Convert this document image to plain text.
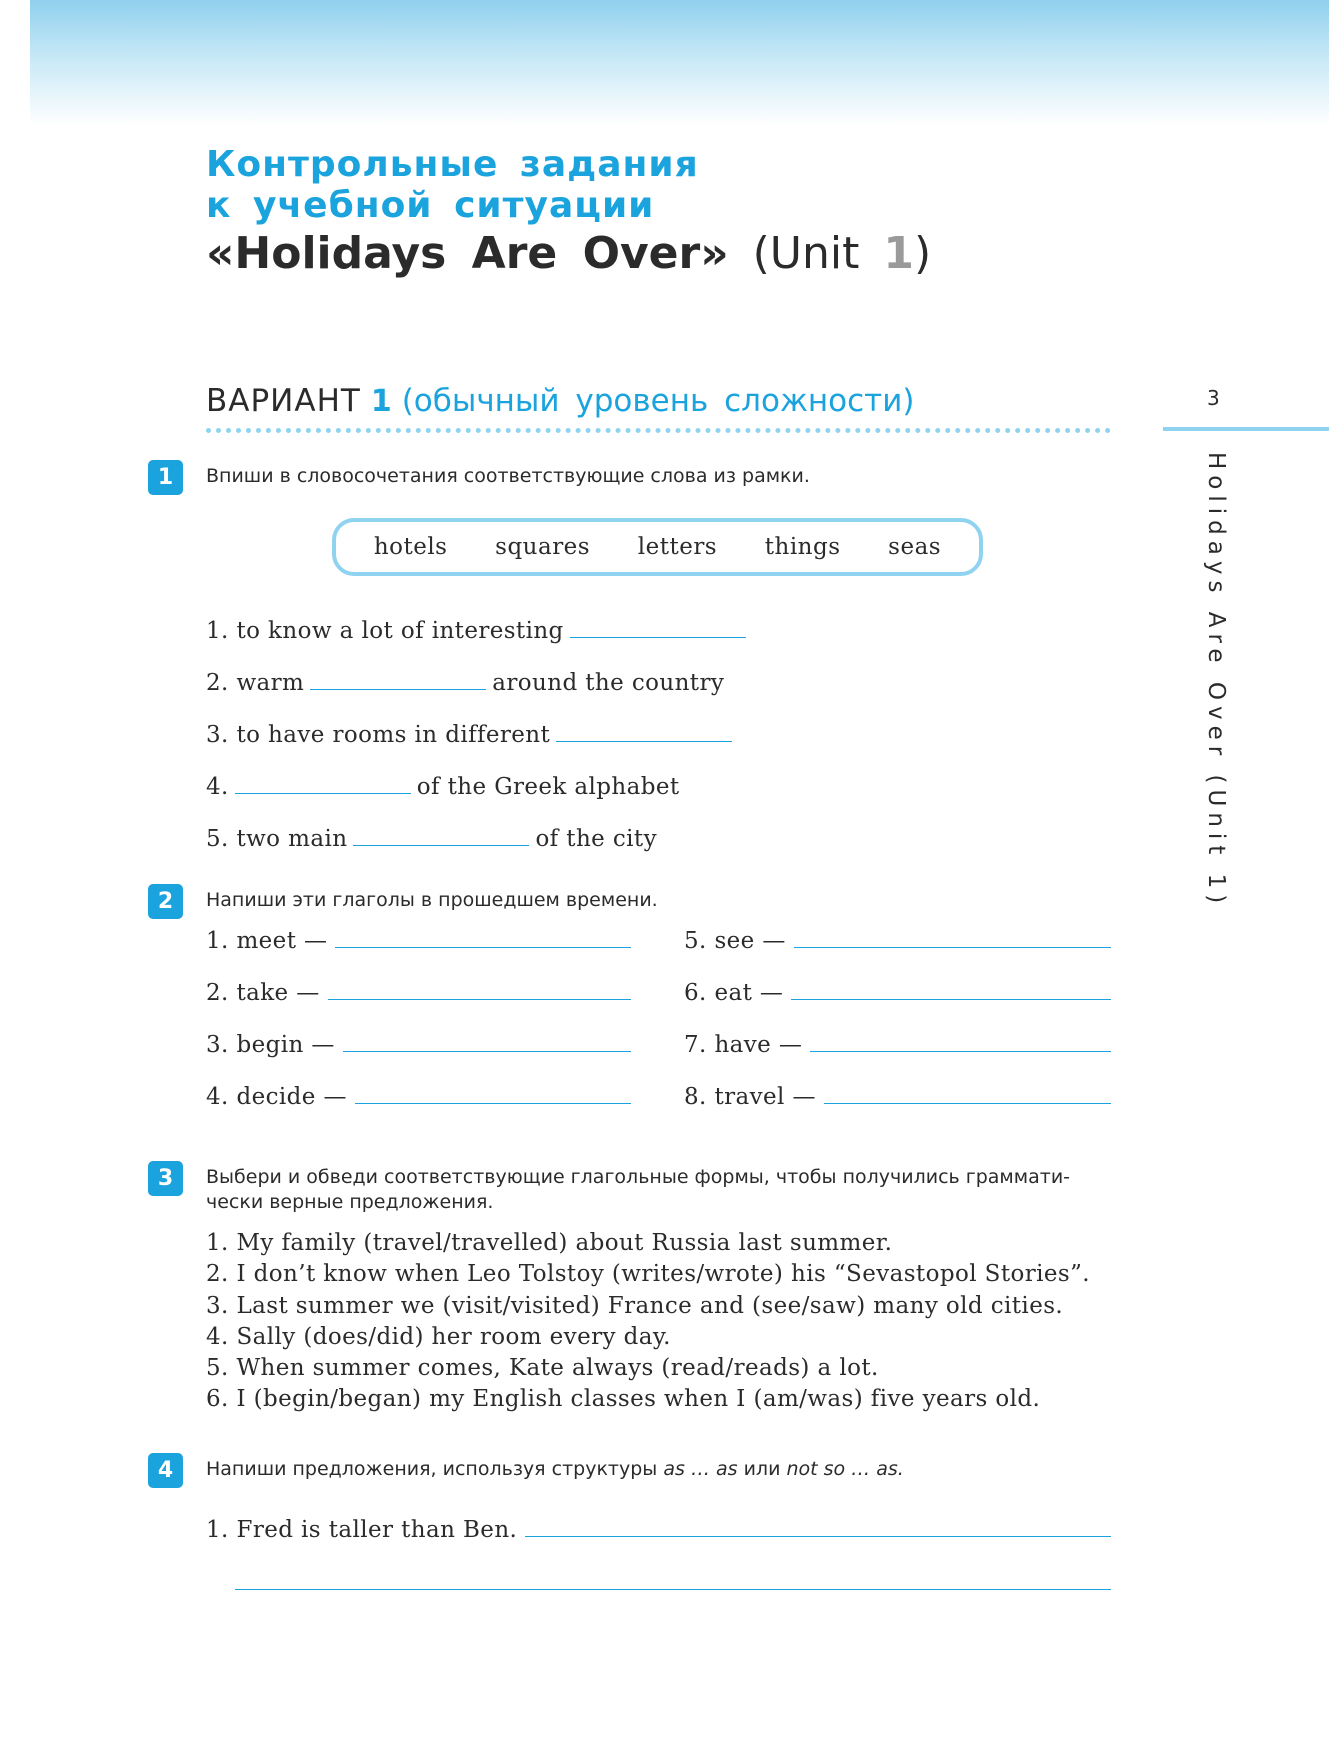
Контрольные задания
к учебной ситуации
«Holidays Are Over» (Unit 1)
ВАРИАНТ 1 (обычный уровень сложности)	3
Holidays Are Over (Unit 1)
1	Впиши в словосочетания соответствующие слова из рамки.
hotels squares letters things seas
1. to know a lot of interesting
2. warm	around the country
3. to have rooms in different
4.	of the Greek alphabet
5. two main	of the city
2	Напиши эти глаголы в прошедшем времени.
1. meet —
2. take —
3. begin —
4. decide —
5. see —
6. eat —
7. have —
8. travel —
3	Выбери и обведи соответствующие глагольные формы, чтобы получились грамматически верные предложения.
1. My family (travel/travelled) about Russia last summer.
2. I don’t know when Leo Tolstoy (writes/wrote) his “Sevastopol Stories”.
3. Last summer we (visit/visited) France and (see/saw) many old cities.
4. Sally (does/did) her room every day.
5. When summer comes, Kate always (read/reads) a lot.
6. I (begin/began) my English classes when I (am/was) five years old.
4	Напиши предложения, используя структуры as … as или not so … as.
1. Fred is taller than Ben.
